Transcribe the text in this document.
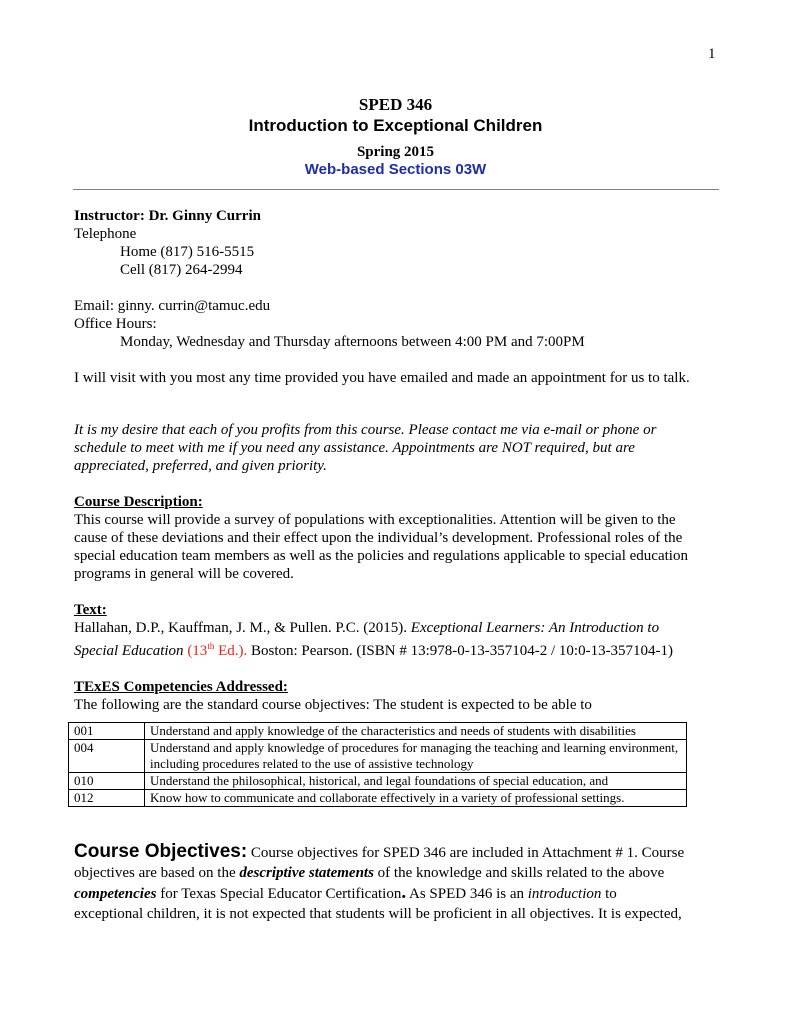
1
SPED 346
Introduction to Exceptional Children
Spring 2015
Web-based Sections 03W
Instructor: Dr. Ginny Currin
Telephone
Home (817) 516-5515
Cell (817) 264-2994
Email: ginny. currin@tamuc.edu
Office Hours:
Monday, Wednesday and Thursday afternoons between 4:00 PM and 7:00PM
I will visit with you most any time provided you have emailed and made an appointment for us to talk.
It is my desire that each of you profits from this course. Please contact me via e-mail or phone or
schedule to meet with me if you need any assistance. Appointments are NOT required, but are
appreciated, preferred, and given priority.
Course Description:
This course will provide a survey of populations with exceptionalities. Attention will be given to the
cause of these deviations and their effect upon the individual’s development. Professional roles of the
special education team members as well as the policies and regulations applicable to special education
programs in general will be covered.
Text:
Hallahan, D.P., Kauffman, J. M., & Pullen. P.C. (2015). Exceptional Learners: An Introduction to
Special Education (13th Ed.). Boston: Pearson. (ISBN # 13:978-0-13-357104-2 / 10:0-13-357104-1)
TExES Competencies Addressed:
The following are the standard course objectives: The student is expected to be able to
001	Understand and apply knowledge of the characteristics and needs of students with disabilities
004	Understand and apply knowledge of procedures for managing the teaching and learning environment, including procedures related to the use of assistive technology
010	Understand the philosophical, historical, and legal foundations of special education, and
012	Know how to communicate and collaborate effectively in a variety of professional settings.
Course Objectives: Course objectives for SPED 346 are included in Attachment # 1. Course
objectives are based on the descriptive statements of the knowledge and skills related to the above
competencies for Texas Special Educator Certification. As SPED 346 is an introduction to
exceptional children, it is not expected that students will be proficient in all objectives. It is expected,
